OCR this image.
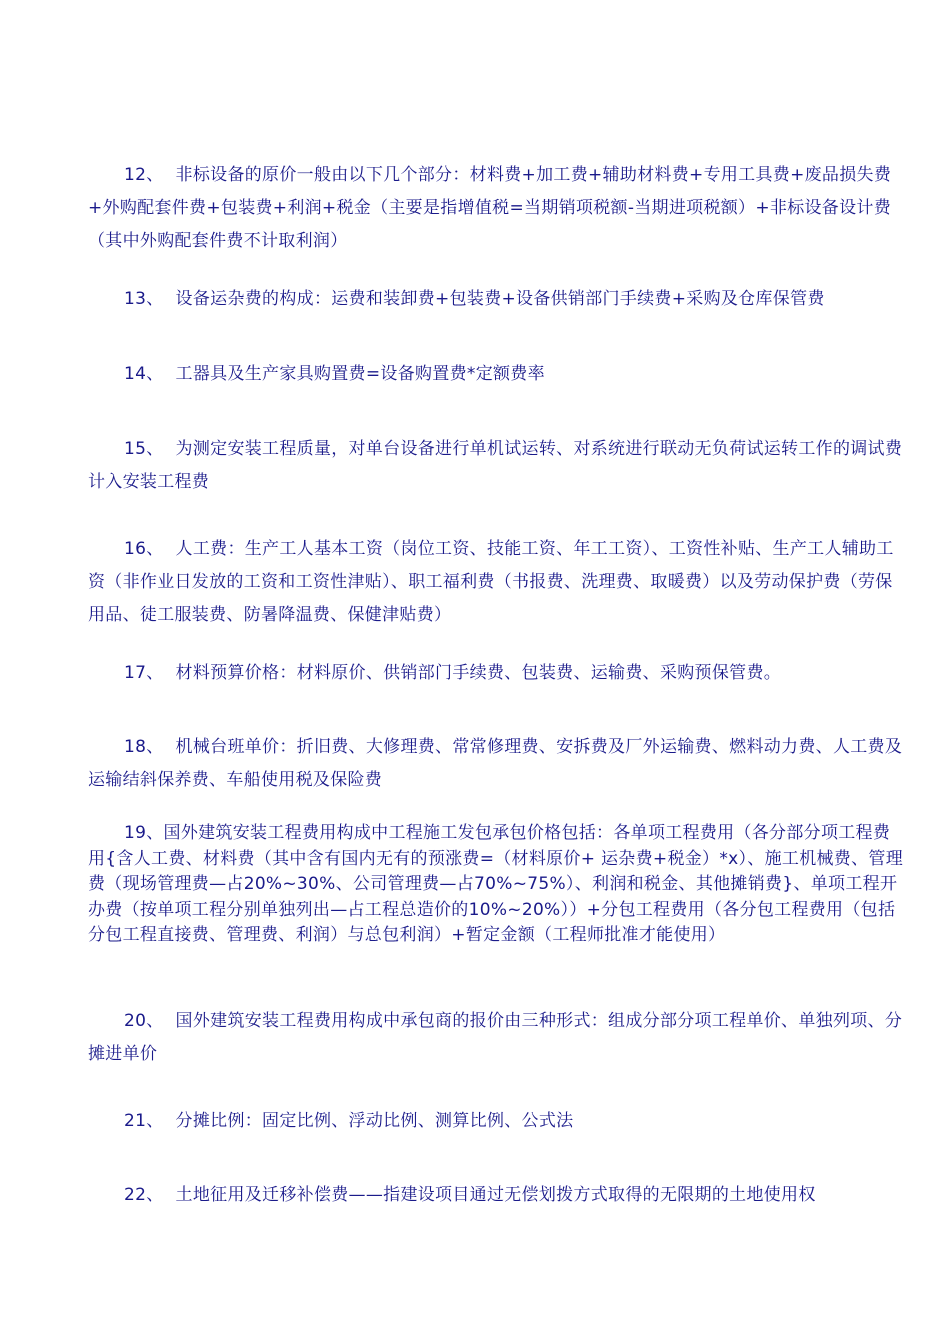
12、 非标设备的原价一般由以下几个部分：材料费+加工费+辅助材料费+专用工具费+废品损失费+外购配套件费+包装费+利润+税金（主要是指增值税=当期销项税额-当期进项税额）+非标设备设计费（其中外购配套件费不计取利润）

13、 设备运杂费的构成：运费和装卸费+包装费+设备供销部门手续费+采购及仓库保管费

14、 工器具及生产家具购置费=设备购置费*定额费率

15、 为测定安装工程质量，对单台设备进行单机试运转、对系统进行联动无负荷试运转工作的调试费计入安装工程费

16、 人工费：生产工人基本工资（岗位工资、技能工资、年工工资）、工资性补贴、生产工人辅助工资（非作业日发放的工资和工资性津贴）、职工福利费（书报费、洗理费、取暖费）以及劳动保护费（劳保用品、徒工服装费、防暑降温费、保健津贴费）

17、 材料预算价格：材料原价、供销部门手续费、包装费、运输费、采购预保管费。

18、 机械台班单价：折旧费、大修理费、常常修理费、安拆费及厂外运输费、燃料动力费、人工费及运输结斜保养费、车船使用税及保险费

19、国外建筑安装工程费用构成中工程施工发包承包价格包括：各单项工程费用（各分部分项工程费用{含人工费、材料费（其中含有国内无有的预涨费=（材料原价+ 运杂费+税金）*x）、施工机械费、管理费（现场管理费—占20%~30%、公司管理费—占70%~75%）、利润和税金、其他摊销费}、单项工程开办费（按单项工程分别单独列出—占工程总造价的10%~20%））+分包工程费用（各分包工程费用（包括分包工程直接费、管理费、利润）与总包利润）+暂定金额（工程师批准才能使用）

20、 国外建筑安装工程费用构成中承包商的报价由三种形式：组成分部分项工程单价、单独列项、分摊进单价

21、 分摊比例：固定比例、浮动比例、测算比例、公式法

22、 土地征用及迁移补偿费——指建设项目通过无偿划拨方式取得的无限期的土地使用权
